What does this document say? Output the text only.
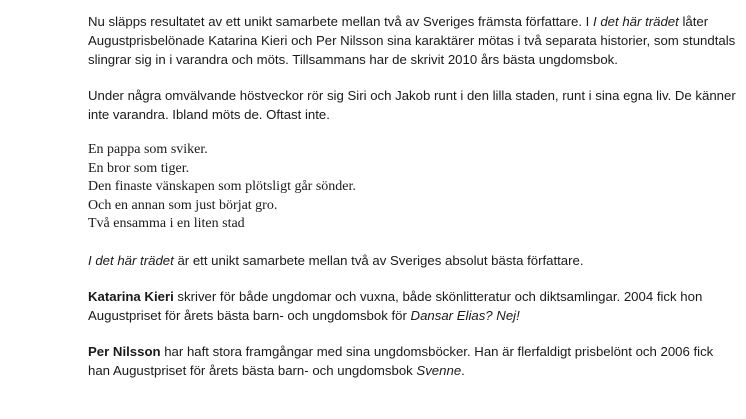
Nu släpps resultatet av ett unikt samarbete mellan två av Sveriges främsta författare. I I det här trädet låter Augustprisbelönade Katarina Kieri och Per Nilsson sina karaktärer mötas i två separata historier, som stundtals slingrar sig in i varandra och möts. Tillsammans har de skrivit 2010 års bästa ungdomsbok.

Under några omvälvande höstveckor rör sig Siri och Jakob runt i den lilla staden, runt i sina egna liv. De känner inte varandra. Ibland möts de. Oftast inte.

En pappa som sviker.
En bror som tiger.
Den finaste vänskapen som plötsligt går sönder.
Och en annan som just börjat gro.
Två ensamma i en liten stad

I det här trädet är ett unikt samarbete mellan två av Sveriges absolut bästa författare.

Katarina Kieri skriver för både ungdomar och vuxna, både skönlitteratur och diktsamlingar. 2004 fick hon Augustpriset för årets bästa barn- och ungdomsbok för Dansar Elias? Nej!

Per Nilsson har haft stora framgångar med sina ungdomsböcker. Han är flerfaldigt prisbelönt och 2006 fick han Augustpriset för årets bästa barn- och ungdomsbok Svenne.
